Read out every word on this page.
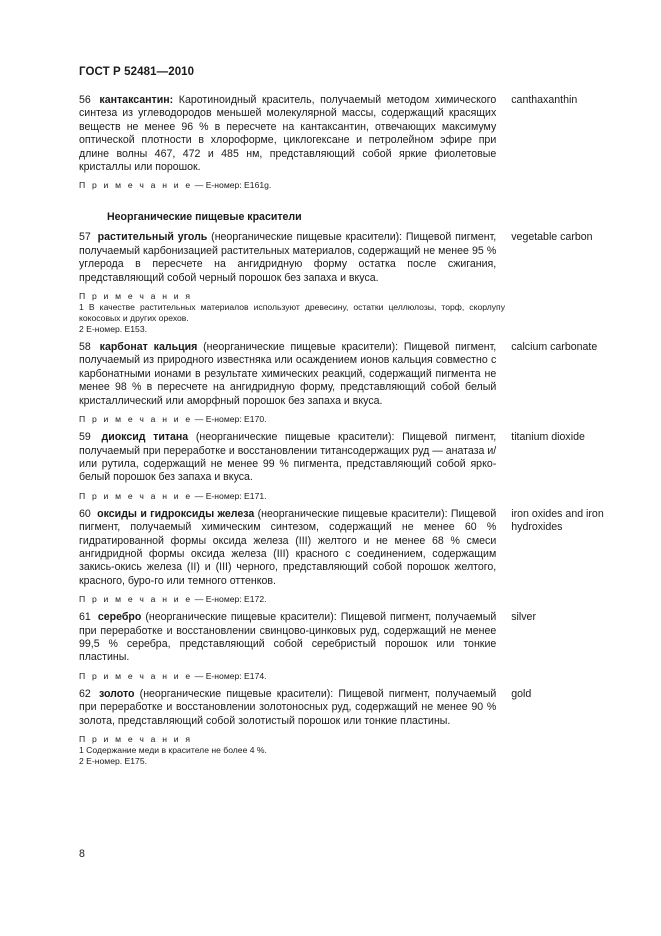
ГОСТ Р 52481—2010
56 кантаксантин: Каротиноидный краситель, получаемый методом химического синтеза из углеводородов меньшей молекулярной массы, содержащий красящих веществ не менее 96 % в пересчете на кантаксантин, отвечающих максимуму оптической плотности в хлороформе, циклогексане и петролейном эфире при длине волны 467, 472 и 485 нм, представляющий собой яркие фиолетовые кристаллы или порошок.
canthaxanthin
П р и м е ч а н и е — E-номер: E161g.
Неорганические пищевые красители
57 растительный уголь (неорганические пищевые красители): Пищевой пигмент, получаемый карбонизацией растительных материалов, содержащий не менее 95 % углерода в пересчете на ангидридную форму остатка после сжигания, представляющий собой черный порошок без запаха и вкуса.
vegetable carbon
П р и м е ч а н и я
1 В качестве растительных материалов используют древесину, остатки целлюлозы, торф, скорлупу кокосовых и других орехов.
2 E-номер. E153.
58 карбонат кальция (неорганические пищевые красители): Пищевой пигмент, получаемый из природного известняка или осаждением ионов кальция совместно с карбонатными ионами в результате химических реакций, содержащий пигмента не менее 98 % в пересчете на ангидридную форму, представляющий собой белый кристаллический или аморфный порошок без запаха и вкуса.
calcium carbonate
П р и м е ч а н и е — E-номер: E170.
59 диоксид титана (неорганические пищевые красители): Пищевой пигмент, получаемый при переработке и восстановлении титансодержащих руд — анатаза и/или рутила, содержащий не менее 99 % пигмента, представляющий собой ярко-белый порошок без запаха и вкуса.
titanium dioxide
П р и м е ч а н и е — E-номер: E171.
60 оксиды и гидроксиды железа (неорганические пищевые красители): Пищевой пигмент, получаемый химическим синтезом, содержащий не менее 60 % гидратированной формы оксида железа (III) желтого и не менее 68 % смеси ангидридной формы оксида железа (III) красного с соединением, содержащим закись-окись железа (II) и (III) черного, представляющий собой порошок желтого, красного, буро-го или темного оттенков.
iron oxides and iron hydroxides
П р и м е ч а н и е — E-номер: E172.
61 серебро (неорганические пищевые красители): Пищевой пигмент, получаемый при переработке и восстановлении свинцово-цинковых руд, содержащий не менее 99,5 % серебра, представляющий собой серебристый порошок или тонкие пластины.
silver
П р и м е ч а н и е — E-номер: E174.
62 золото (неорганические пищевые красители): Пищевой пигмент, получаемый при переработке и восстановлении золотоносных руд, содержащий не менее 90 % золота, представляющий собой золотистый порошок или тонкие пластины.
gold
П р и м е ч а н и я
1 Содержание меди в красителе не более 4 %.
2 E-номер. E175.
8
